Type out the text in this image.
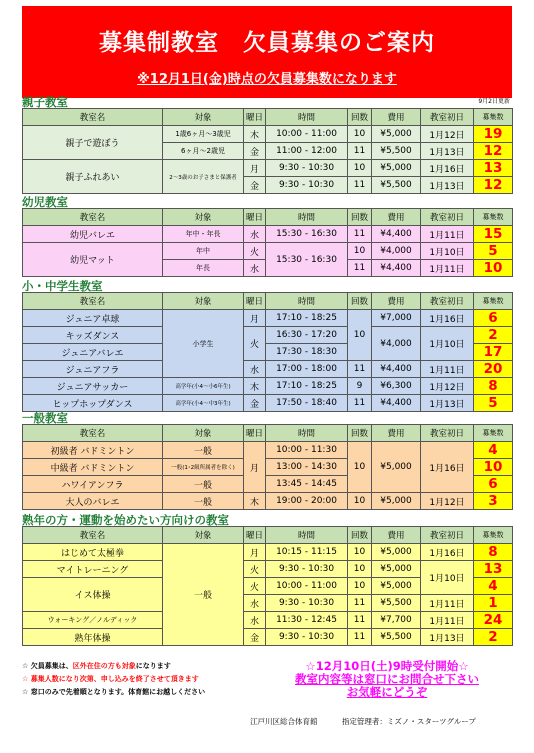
募集制教室　欠員募集のご案内
※12月1日(金)時点の欠員募集数になります
9月2日更新
親子教室
教室名	対象	曜日	時間	回数	費用	教室初日	募集数
親子で遊ぼう	1歳6ヶ月～3歳児	木	10:00 - 11:00	10	¥5,000	1月12日	19
	6ヶ月～2歳児	金	11:00 - 12:00	11	¥5,500	1月13日	12
親子ふれあい	2～3歳のお子さまと保護者	月	9:30 - 10:30	10	¥5,000	1月16日	13
		金	9:30 - 10:30	11	¥5,500	1月13日	12
幼児教室
教室名	対象	曜日	時間	回数	費用	教室初日	募集数
幼児バレエ	年中・年長	水	15:30 - 16:30	11	¥4,400	1月11日	15
幼児マット	年中	火	15:30 - 16:30	10	¥4,000	1月10日	5
	年長	水		11	¥4,400	1月11日	10
小・中学生教室
教室名	対象	曜日	時間	回数	費用	教室初日	募集数
ジュニア卓球	小学生	月	17:10 - 18:25	10	¥7,000	1月16日	6
キッズダンス		火	16:30 - 17:20		¥4,000	1月10日	2
ジュニアバレエ			17:30 - 18:30				17
ジュニアフラ		水	17:00 - 18:00	11	¥4,400	1月11日	20
ジュニアサッカー	高学年(小4～小6年生)	木	17:10 - 18:25	9	¥6,300	1月12日	8
ヒップホップダンス	高学年(小4～中3年生)	金	17:50 - 18:40	11	¥4,400	1月13日	5
一般教室
教室名	対象	曜日	時間	回数	費用	教室初日	募集数
初級者 バドミントン	一般	月	10:00 - 11:30	10	¥5,000	1月16日	4
中級者 バドミントン	一般(1･2級所属者を除く)		13:00 - 14:30				10
ハワイアンフラ	一般		13:45 - 14:45				6
大人のバレエ	一般	木	19:00 - 20:00	10	¥5,000	1月12日	3
熟年の方・運動を始めたい方向けの教室
教室名	対象	曜日	時間	回数	費用	教室初日	募集数
はじめて太極拳	一般	月	10:15 - 11:15	10	¥5,000	1月16日	8
マイトレーニング		火	9:30 - 10:30	10	¥5,000	1月10日	13
イス体操		火	10:00 - 11:00	10	¥5,000		4
		水	9:30 - 10:30	11	¥5,500	1月11日	1
ウォーキング／ノルディック		水	11:30 - 12:45	11	¥7,700	1月11日	24
熟年体操		金	9:30 - 10:30	11	¥5,500	1月13日	2
☆ 欠員募集は、区外在住の方も対象になります
☆ 募集人数になり次第、申し込みを終了させて頂きます
☆ 窓口のみで先着順となります。体育館にお越しください
☆12月10日(土)9時受付開始☆
教室内容等は窓口にお問合せ下さい
お気軽にどうぞ
江戸川区総合体育館	指定管理者：ミズノ・スターツグループ
